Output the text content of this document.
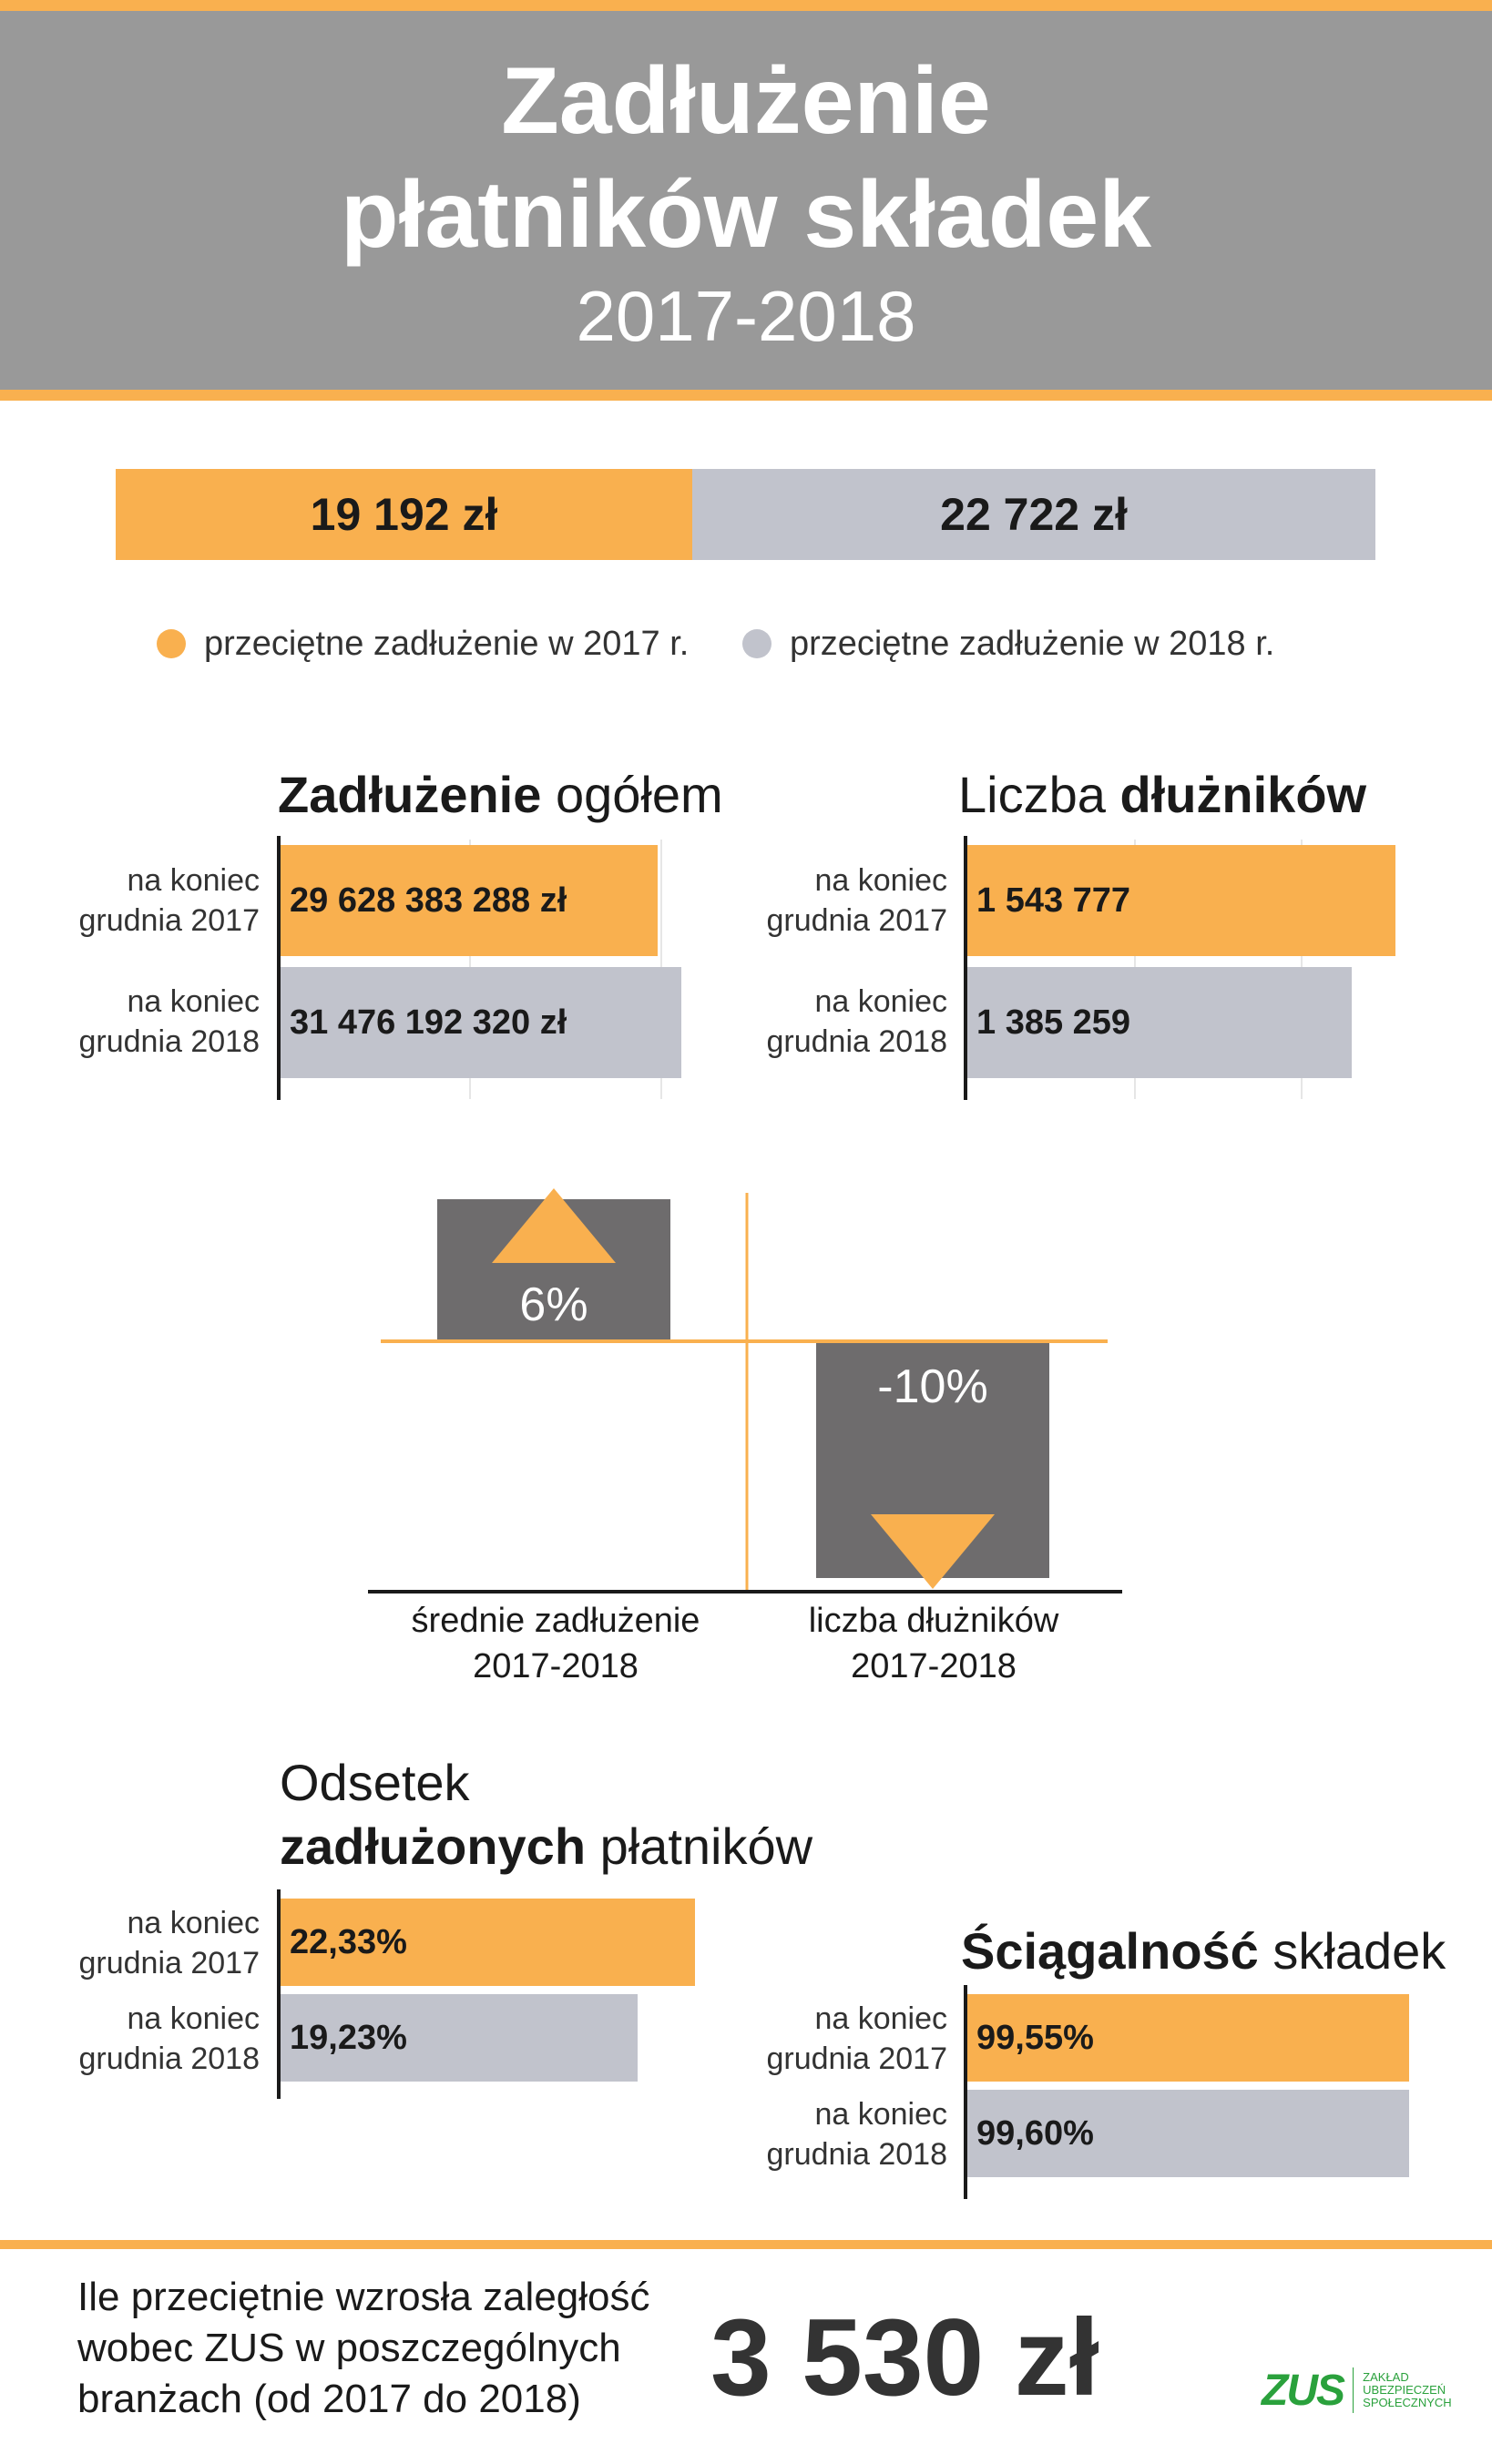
Zadłużenie
płatników składek
2017-2018
19 192 zł	22 722 zł
przeciętne zadłużenie w 2017 r.	przeciętne zadłużenie w 2018 r.
Zadłużenie ogółem
na koniec
grudnia 2017
na koniec
grudnia 2018
29 628 383 288 zł
31 476 192 320 zł
Liczba dłużników
na koniec
grudnia 2017
na koniec
grudnia 2018
1 543 777
1 385 259
6%
-10%
średnie zadłużenie
2017-2018
liczba dłużników
2017-2018
Odsetek
zadłużonych płatników
na koniec
grudnia 2017
na koniec
grudnia 2018
22,33%
19,23%
Ściągalność składek
na koniec
grudnia 2017
na koniec
grudnia 2018
99,55%
99,60%
Ile przeciętnie wzrosła zaległość wobec ZUS w poszczególnych branżach (od 2017 do 2018)	3 530 zł	ZUS ZAKŁAD UBEZPIECZEŃ SPOŁECZNYCH
